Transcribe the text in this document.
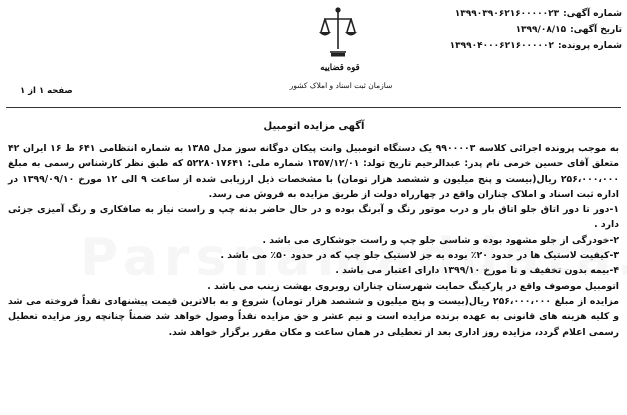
شماره آگهی:
۱۳۹۹۰۳۹۰۶۲۱۶۰۰۰۰۰۲۳
تاریخ آگهی:
۱۳۹۹/۰۸/۱۵
شماره پرونده:
۱۳۹۹۰۴۰۰۰۶۲۱۶۰۰۰۰۰۲
قوه قضاییه
سازمان ثبت اسناد و املاک کشور
صفحه ۱ از ۱
آگهی مزایده اتومبیل

به موجب پرونده اجرائی کلاسه ۹۹۰۰۰۰۳ یک دستگاه اتومبیل وانت پیکان دوگانه سوز مدل ۱۳۸۵ به شماره انتظامی ۶۴۱ ط ۱۶ ایران ۴۲ متعلق آقای حسین خرمی نام پدر: عبدالرحیم تاریخ تولد: ۱۳۵۷/۱۲/۰۱ شماره ملی: ۵۲۲۸۰۱۷۶۴۱ که طبق نظر کارشناس رسمی به مبلغ ۲۵۶،۰۰۰،۰۰۰ ریال(بیست و پنج میلیون و ششصد هزار تومان) با مشخصات ذیل ارزیابی شده از ساعت ۹ الی ۱۲ مورخ ۱۳۹۹/۰۹/۱۰ در اداره ثبت اسناد و املاک چناران واقع در چهارراه دولت از طریق مزایده به فروش می رسد.

۱-دور تا دور اتاق جلو اتاق بار و درب موتور رنگ و آبرنگ بوده و در حال حاضر بدنه چپ و راست نیاز به صافکاری و رنگ آمیزی جزئی دارد .

۲-خودرگی از جلو مشهود بوده و شاسی جلو چپ و راست جوشکاری می باشد .

۳-کیفیت لاستیک ها در حدود ۲۰٪ بوده به جز لاستیک جلو چپ که در حدود ۵۰٪ می باشد .

۴-بیمه بدون تخفیف و تا مورخ ۱۳۹۹/۱۰ دارای اعتبار می باشد .

اتومبیل موصوف واقع در پارکینگ حمایت شهرستان چناران روبروی بهشت زینب می باشد .

مزایده از مبلغ ۲۵۶،۰۰۰،۰۰۰ ریال(بیست و پنج میلیون و ششصد هزار تومان) شروع و به بالاترین قیمت پیشنهادی نقداً فروخته می شد و کلیه هزینه های قانونی به عهده برنده مزایده است و نیم عشر و حق مزایده نقداً وصول خواهد شد ضمناً چنانچه روز مزایده تعطیل رسمی اعلام گردد، مزایده روز اداری بعد از تعطیلی در همان ساعت و مکان مقرر برگزار خواهد شد.
